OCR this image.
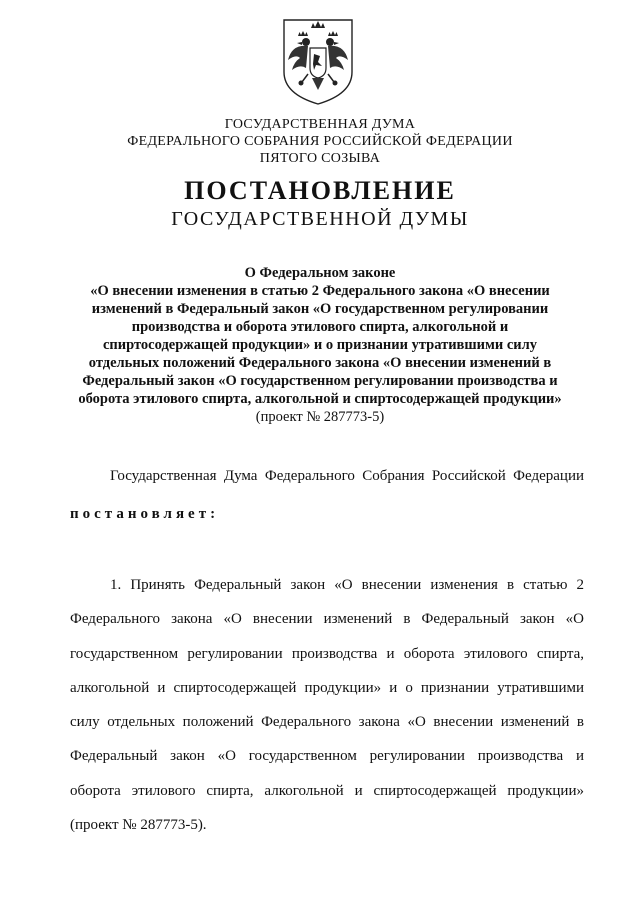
ГОСУДАРСТВЕННАЯ ДУМА
ФЕДЕРАЛЬНОГО СОБРАНИЯ РОССИЙСКОЙ ФЕДЕРАЦИИ
ПЯТОГО СОЗЫВА
ПОСТАНОВЛЕНИЕ
ГОСУДАРСТВЕННОЙ ДУМЫ
О Федеральном законе
«О внесении изменения в статью 2 Федерального закона «О внесении изменений в Федеральный закон «О государственном регулировании производства и оборота этилового спирта, алкогольной и спиртосодержащей продукции» и о признании утратившими силу отдельных положений Федерального закона «О внесении изменений в Федеральный закон «О государственном регулировании производства и оборота этилового спирта, алкогольной и спиртосодержащей продукции»
(проект № 287773-5)
Государственная Дума Федерального Собрания Российской Федерации
постановляет:
1. Принять Федеральный закон «О внесении изменения в статью 2 Федерального закона «О внесении изменений в Федеральный закон «О государственном регулировании производства и оборота этилового спирта, алкогольной и спиртосодержащей продукции» и о признании утратившими силу отдельных положений Федерального закона «О внесении изменений в Федеральный закон «О государственном регулировании производства и оборота этилового спирта, алкогольной и спиртосодержащей продукции» (проект № 287773-5).
